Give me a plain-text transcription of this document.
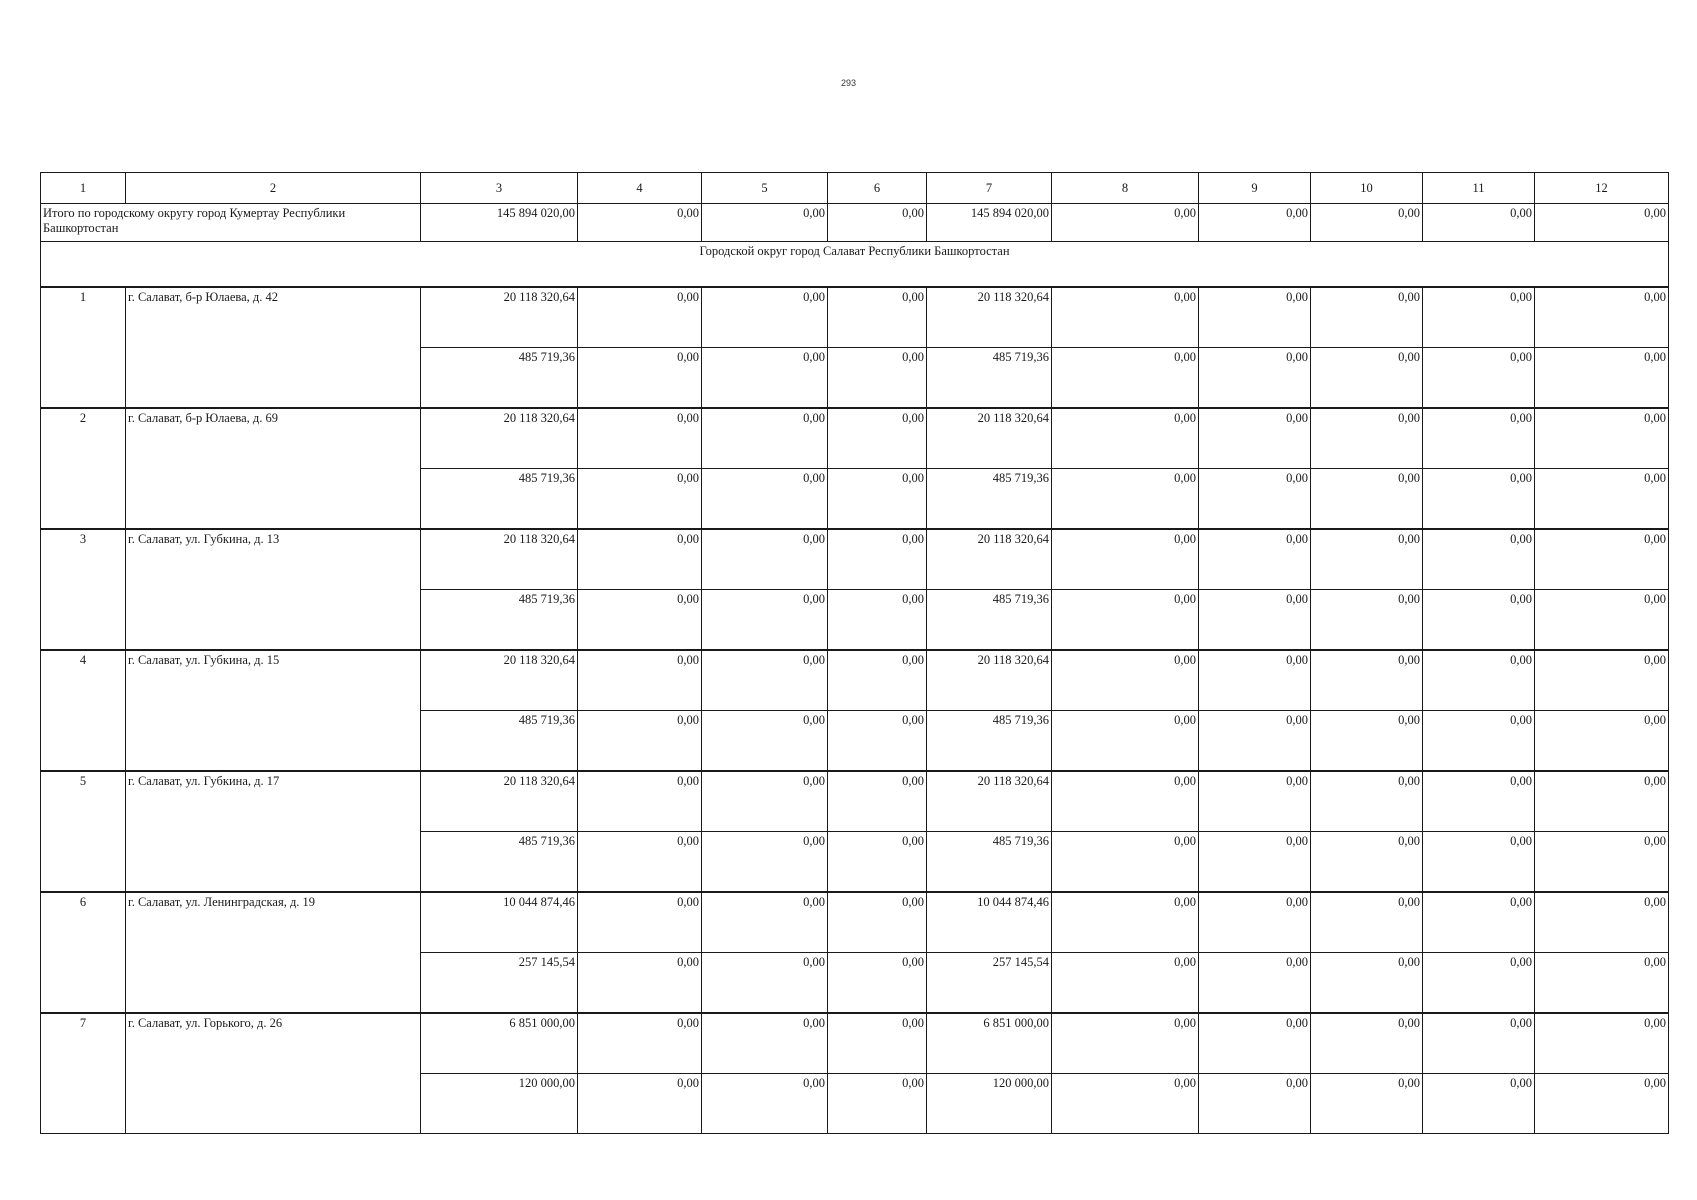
293
1	2	3	4	5	6	7	8	9	10	11	12
Итого по городскому округу город Кумертау Республики Башкортостан		145 894 020,00	0,00	0,00	0,00	145 894 020,00	0,00	0,00	0,00	0,00	0,00
Городской округ город Салават Республики Башкортостан											
1	г. Салават, б-р Юлаева, д. 42	20 118 320,64	0,00	0,00	0,00	20 118 320,64	0,00	0,00	0,00	0,00	0,00
		485 719,36	0,00	0,00	0,00	485 719,36	0,00	0,00	0,00	0,00	0,00
2	г. Салават, б-р Юлаева, д. 69	20 118 320,64	0,00	0,00	0,00	20 118 320,64	0,00	0,00	0,00	0,00	0,00
		485 719,36	0,00	0,00	0,00	485 719,36	0,00	0,00	0,00	0,00	0,00
3	г. Салават, ул. Губкина, д. 13	20 118 320,64	0,00	0,00	0,00	20 118 320,64	0,00	0,00	0,00	0,00	0,00
		485 719,36	0,00	0,00	0,00	485 719,36	0,00	0,00	0,00	0,00	0,00
4	г. Салават, ул. Губкина, д. 15	20 118 320,64	0,00	0,00	0,00	20 118 320,64	0,00	0,00	0,00	0,00	0,00
		485 719,36	0,00	0,00	0,00	485 719,36	0,00	0,00	0,00	0,00	0,00
5	г. Салават, ул. Губкина, д. 17	20 118 320,64	0,00	0,00	0,00	20 118 320,64	0,00	0,00	0,00	0,00	0,00
		485 719,36	0,00	0,00	0,00	485 719,36	0,00	0,00	0,00	0,00	0,00
6	г. Салават, ул. Ленинградская, д. 19	10 044 874,46	0,00	0,00	0,00	10 044 874,46	0,00	0,00	0,00	0,00	0,00
		257 145,54	0,00	0,00	0,00	257 145,54	0,00	0,00	0,00	0,00	0,00
7	г. Салават, ул. Горького, д. 26	6 851 000,00	0,00	0,00	0,00	6 851 000,00	0,00	0,00	0,00	0,00	0,00
		120 000,00	0,00	0,00	0,00	120 000,00	0,00	0,00	0,00	0,00	0,00
